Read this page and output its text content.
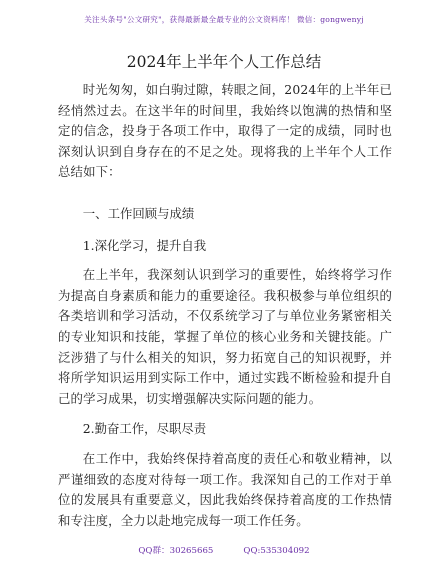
关注头条号"公文研究"，获得最新最全最专业的公文资料库！ 微信：gongwenyj
2024年上半年个人工作总结

时光匆匆，如白驹过隙，转眼之间，2024年的上半年已经悄然过去。在这半年的时间里，我始终以饱满的热情和坚定的信念，投身于各项工作中，取得了一定的成绩，同时也深刻认识到自身存在的不足之处。现将我的上半年个人工作总结如下：

一、工作回顾与成绩

1.深化学习，提升自我

在上半年，我深刻认识到学习的重要性，始终将学习作为提高自身素质和能力的重要途径。我积极参与单位组织的各类培训和学习活动，不仅系统学习了与单位业务紧密相关的专业知识和技能，掌握了单位的核心业务和关键技能。广泛涉猎了与什么相关的知识，努力拓宽自己的知识视野，并将所学知识运用到实际工作中，通过实践不断检验和提升自己的学习成果，切实增强解决实际问题的能力。

2.勤奋工作，尽职尽责

在工作中，我始终保持着高度的责任心和敬业精神，以严谨细致的态度对待每一项工作。我深知自己的工作对于单位的发展具有重要意义，因此我始终保持着高度的工作热情和专注度，全力以赴地完成每一项工作任务。

QQ群：30265665	QQ:535304092
